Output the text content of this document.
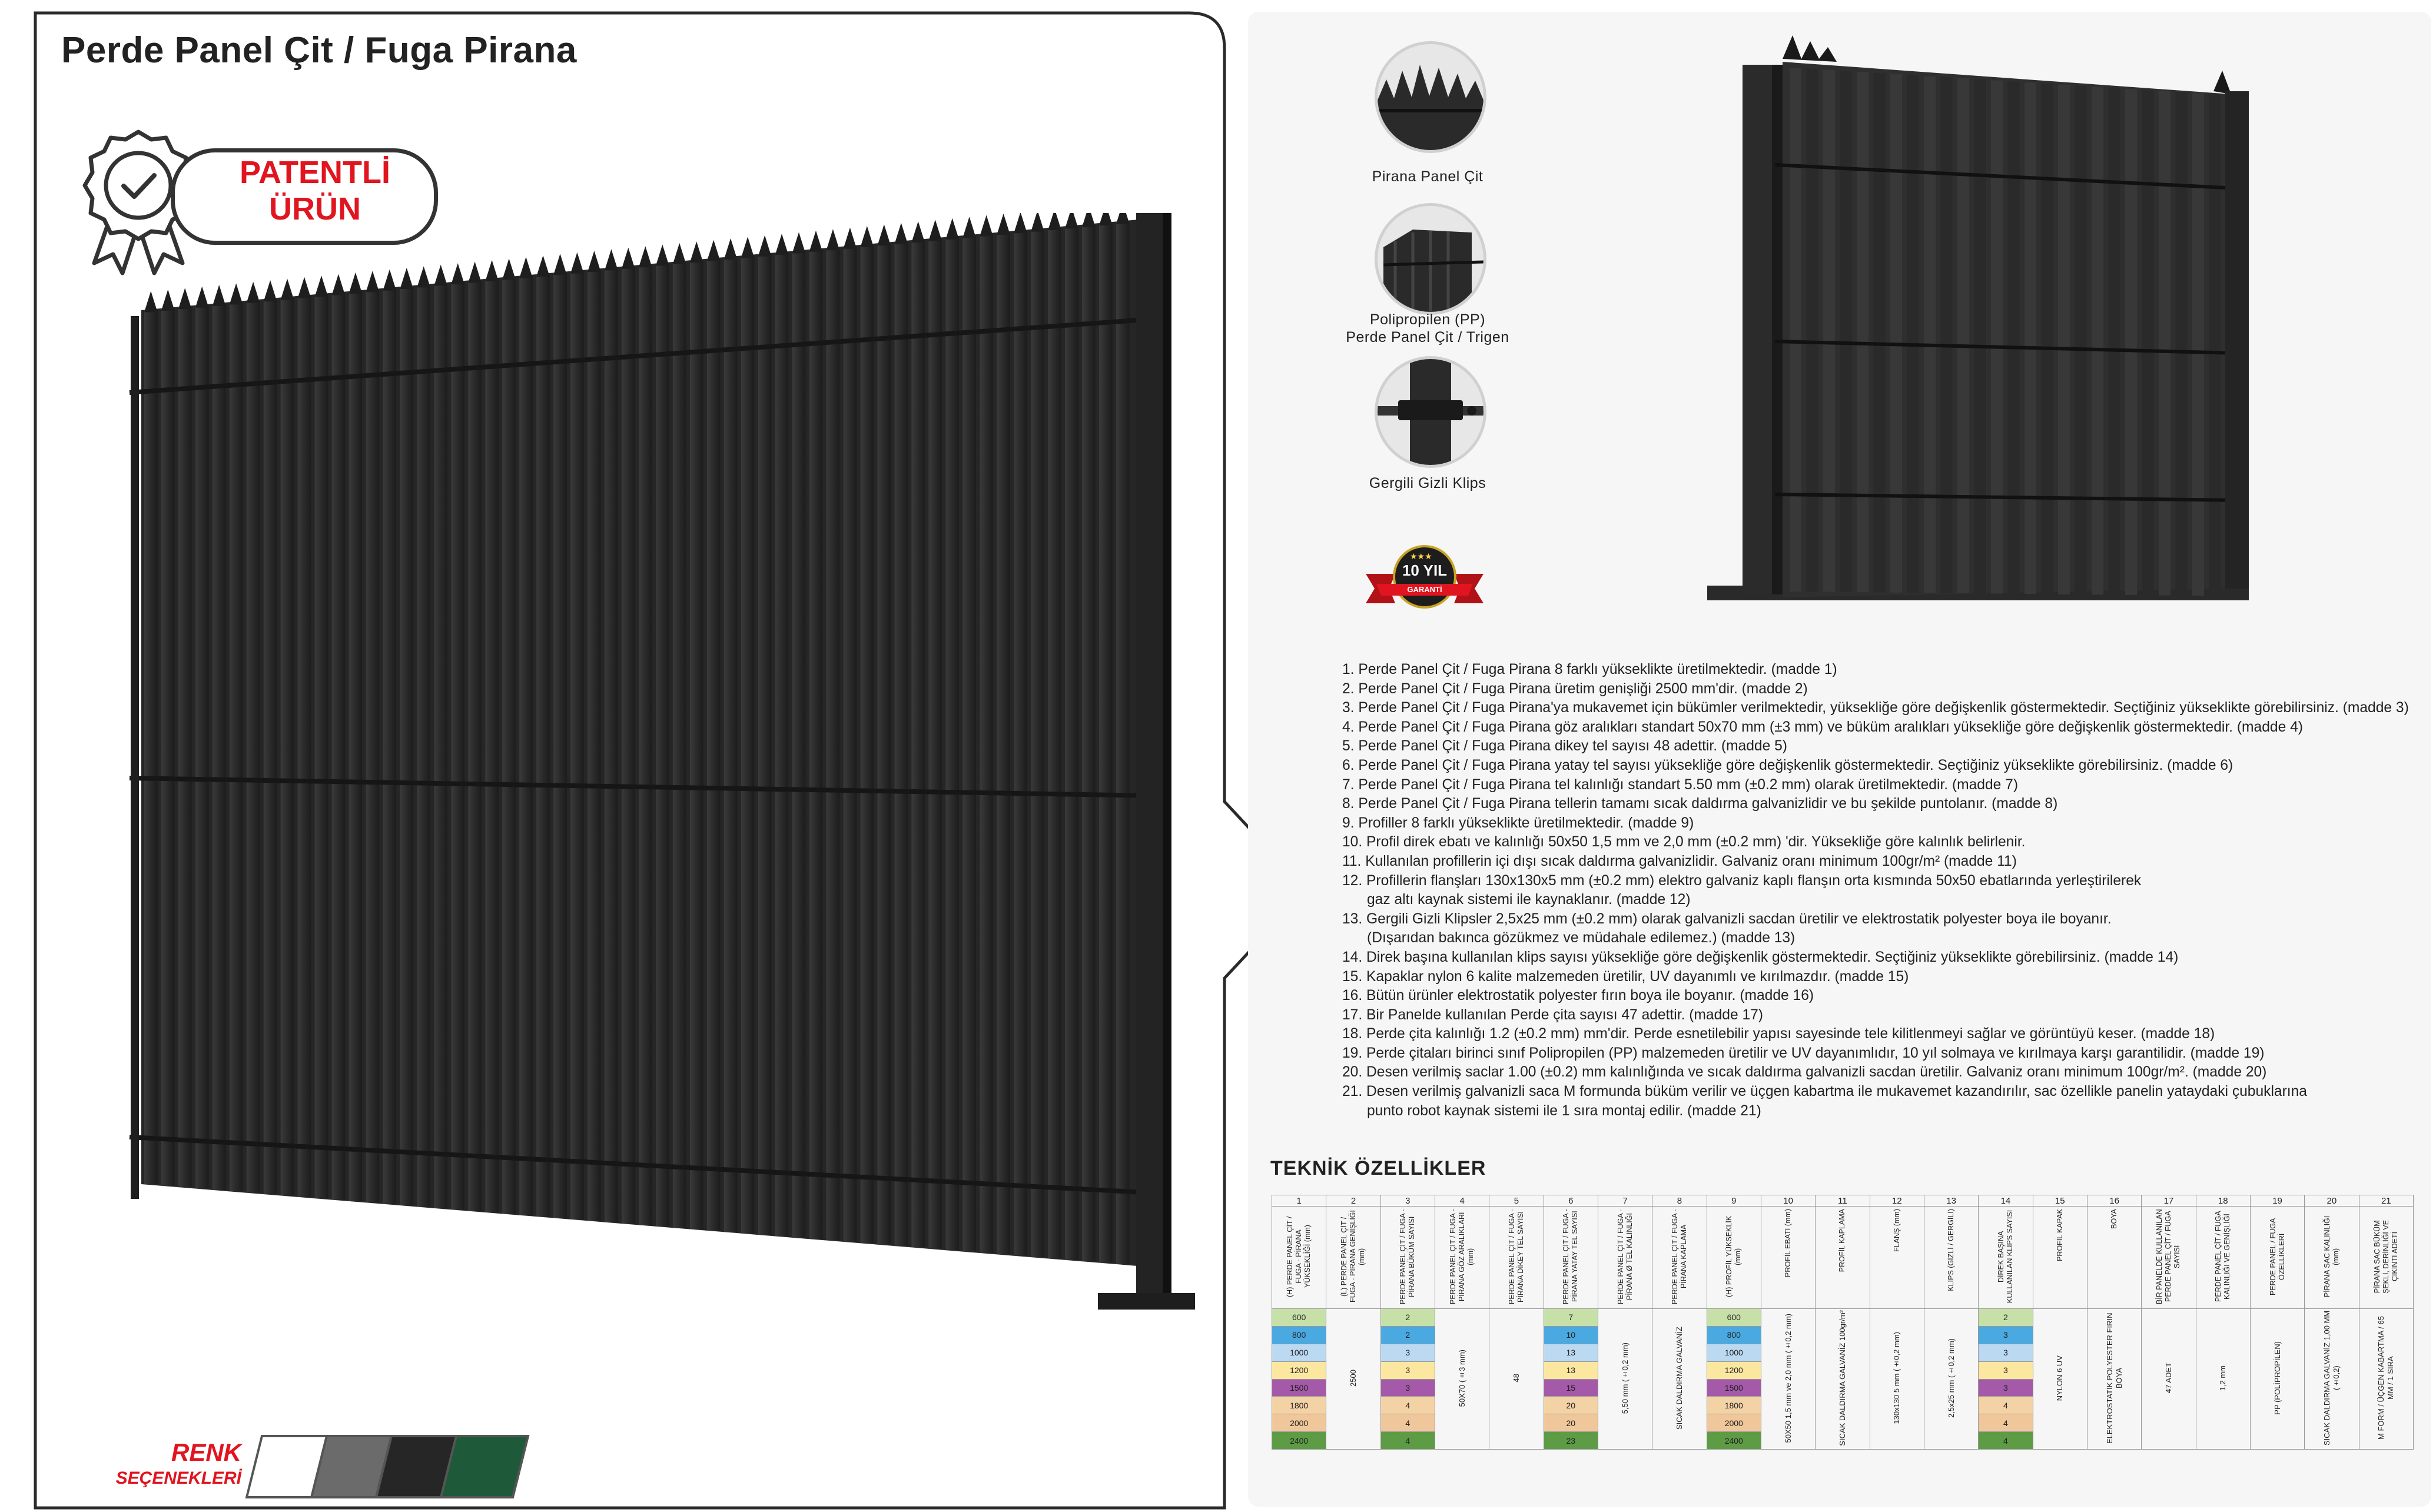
Perde Panel Çit / Fuga Pirana
PATENTLİ
ÜRÜN
RENK
SEÇENEKLERİ
Pirana Panel Çit
Polipropilen (PP)
Perde Panel Çit / Trigen
Gergili Gizli Klips
★★★
10 YIL
GARANTİ
1. Perde Panel Çit / Fuga Pirana 8 farklı yükseklikte üretilmektedir. (madde 1)
2. Perde Panel Çit / Fuga Pirana üretim genişliği 2500 mm'dir. (madde 2)
3. Perde Panel Çit / Fuga Pirana'ya mukavemet için bükümler verilmektedir, yüksekliğe göre değişkenlik göstermektedir. Seçtiğiniz yükseklikte görebilirsiniz. (madde 3)
4. Perde Panel Çit / Fuga Pirana göz aralıkları standart 50x70 mm (±3 mm) ve büküm aralıkları yüksekliğe göre değişkenlik göstermektedir. (madde 4)
5. Perde Panel Çit / Fuga Pirana dikey tel sayısı 48 adettir. (madde 5)
6. Perde Panel Çit / Fuga Pirana yatay tel sayısı yüksekliğe göre değişkenlik göstermektedir. Seçtiğiniz yükseklikte görebilirsiniz. (madde 6)
7. Perde Panel Çit / Fuga Pirana tel kalınlığı standart 5.50 mm (±0.2 mm) olarak üretilmektedir. (madde 7)
8. Perde Panel Çit / Fuga Pirana tellerin tamamı sıcak daldırma galvanizlidir ve bu şekilde puntolanır. (madde 8)
9. Profiller 8 farklı yükseklikte üretilmektedir. (madde 9)
10. Profil direk ebatı ve kalınlığı 50x50 1,5 mm ve 2,0 mm (±0.2 mm) 'dir. Yüksekliğe göre kalınlık belirlenir.
11. Kullanılan profillerin içi dışı sıcak daldırma galvanizlidir. Galvaniz oranı minimum 100gr/m² (madde 11)
12. Profillerin flanşları 130x130x5 mm (±0.2 mm) elektro galvaniz kaplı flanşın orta kısmında 50x50 ebatlarında yerleştirilerek
gaz altı kaynak sistemi ile kaynaklanır. (madde 12)
13. Gergili Gizli Klipsler 2,5x25 mm (±0.2 mm) olarak galvanizli sacdan üretilir ve elektrostatik polyester boya ile boyanır.
(Dışarıdan bakınca gözükmez ve müdahale edilemez.) (madde 13)
14. Direk başına kullanılan klips sayısı yüksekliğe göre değişkenlik göstermektedir. Seçtiğiniz yükseklikte görebilirsiniz. (madde 14)
15. Kapaklar nylon 6 kalite malzemeden üretilir, UV dayanımlı ve kırılmazdır. (madde 15)
16. Bütün ürünler elektrostatik polyester fırın boya ile boyanır. (madde 16)
17. Bir Panelde kullanılan Perde çita sayısı 47 adettir. (madde 17)
18. Perde çita kalınlığı 1.2 (±0.2 mm) mm'dir. Perde esnetilebilir yapısı sayesinde tele kilitlenmeyi sağlar ve görüntüyü keser. (madde 18)
19. Perde çitaları birinci sınıf Polipropilen (PP) malzemeden üretilir ve UV dayanımlıdır, 10 yıl solmaya ve kırılmaya karşı garantilidir. (madde 19)
20. Desen verilmiş saclar 1.00 (±0.2) mm kalınlığında ve sıcak daldırma galvanizli sacdan üretilir. Galvaniz oranı minimum 100gr/m². (madde 20)
21. Desen verilmiş galvanizli saca M formunda büküm verilir ve üçgen kabartma ile mukavemet kazandırılır, sac özellikle panelin yataydaki çubuklarına
punto robot kaynak sistemi ile 1 sıra montaj edilir. (madde 21)
TEKNİK ÖZELLİKLER
1	2	3	4	5	6	7	8	9	10	11	12	13	14	15	16	17	18	19	20	21
(H) PERDE PANEL ÇİT / FUGA - PİRANA YÜKSEKLİĞİ (mm)	(L) PERDE PANEL ÇİT / FUGA - PİRANA GENİŞLİĞİ (mm)	PERDE PANEL ÇİT / FUGA - PİRANA BÜKÜM SAYISI	PERDE PANEL ÇİT / FUGA - PİRANA GÖZ ARALIKLARI (mm)	PERDE PANEL ÇİT / FUGA - PİRANA DİKEY TEL SAYISI	PERDE PANEL ÇİT / FUGA - PİRANA YATAY TEL SAYISI	PERDE PANEL ÇİT / FUGA - PİRANA Ø TEL KALINLIĞI	PERDE PANEL ÇİT / FUGA - PİRANA KAPLAMA	(H) PROFİL YÜKSEKLİK (mm)	PROFİL EBATI (mm)	PROFİL KAPLAMA	FLANŞ (mm)	KLİPS (GİZLİ / GERGİLİ)	DİREK BAŞINA KULLANILAN KLİPS SAYISI	PROFİL KAPAK	BOYA	BİR PANELDE KULLANILAN PERDE PANEL ÇİT / FUGA SAYISI	PERDE PANEL ÇİT / FUGA KALINLIĞI VE GENİŞLİĞİ	PERDE PANEL / FUGA ÖZELLİKLERİ	PİRANA SAC KALINLIĞI (mm)	PİRANA SAC BÜKÜM ŞEKLİ, DERİNLİĞİ VE ÇIKINTI ADETİ
600	2500	2	50X70 (±3 mm)	48	7	5,50 mm (±0,2 mm)	SICAK DALDIRMA GALVANİZ	600	50X50 1,5 mm ve 2,0 mm (±0,2 mm)	SICAK DALDIRMA GALVANİZ 100gr/m²	130x130 5 mm (±0,2 mm)	2,5x25 mm (±0,2 mm)	2	NYLON 6 UV	ELEKTROSTATİK POLYESTER FIRIN BOYA	47 ADET	1,2 mm	PP (POLİPROPİLEN)	SICAK DALDIRMA GALVANİZ 1,00 MM (±0,2)	M FORM / ÜÇGEN KABARTMA / 65 MM / 1 SIRA
800		2			10			800					3							
1000		3			13			1000					3							
1200		3			13			1200					3							
1500		3			15			1500					3							
1800		4			20			1800					4							
2000		4			20			2000					4							
2400		4			23			2400					4							
